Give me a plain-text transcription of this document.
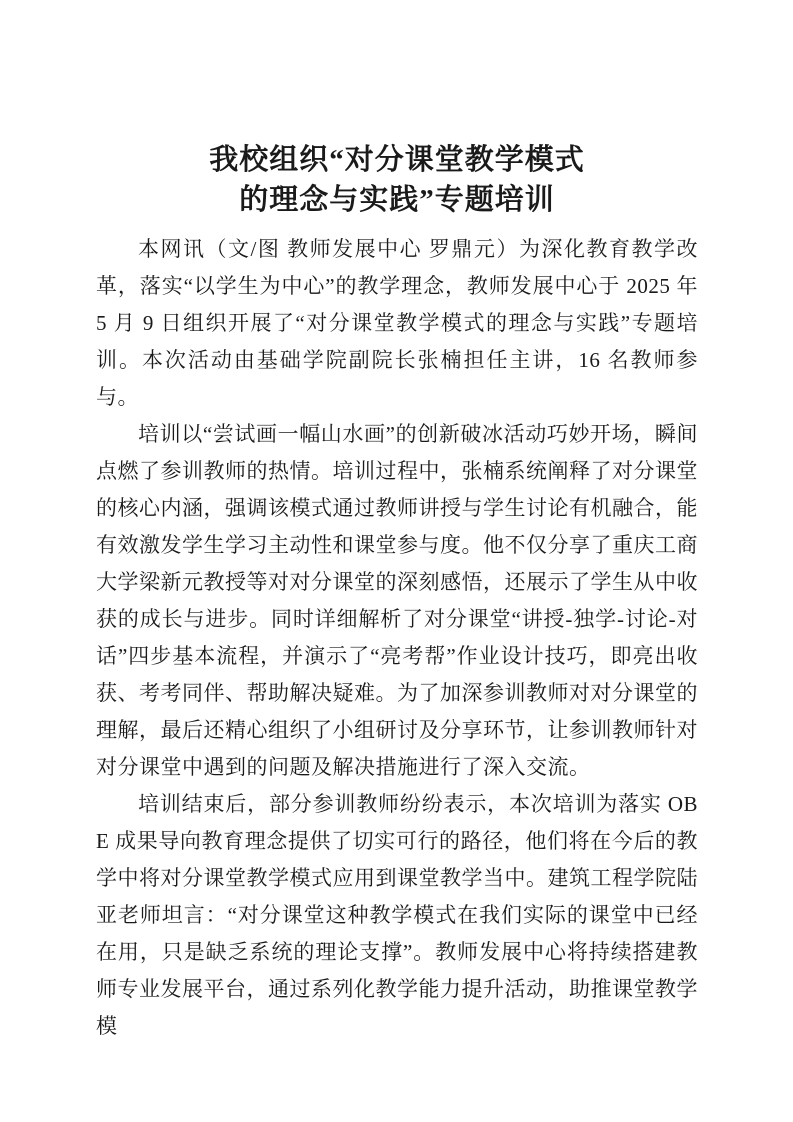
我校组织“对分课堂教学模式
的理念与实践”专题培训

本网讯（文/图 教师发展中心 罗鼎元）为深化教育教学改革，落实“以学生为中心”的教学理念，教师发展中心于 2025 年 5 月 9 日组织开展了“对分课堂教学模式的理念与实践”专题培训。本次活动由基础学院副院长张楠担任主讲，16 名教师参与。

培训以“尝试画一幅山水画”的创新破冰活动巧妙开场，瞬间点燃了参训教师的热情。培训过程中，张楠系统阐释了对分课堂的核心内涵，强调该模式通过教师讲授与学生讨论有机融合，能有效激发学生学习主动性和课堂参与度。他不仅分享了重庆工商大学梁新元教授等对对分课堂的深刻感悟，还展示了学生从中收获的成长与进步。同时详细解析了对分课堂“讲授-独学-讨论-对话”四步基本流程，并演示了“亮考帮”作业设计技巧，即亮出收获、考考同伴、帮助解决疑难。为了加深参训教师对对分课堂的理解，最后还精心组织了小组研讨及分享环节，让参训教师针对对分课堂中遇到的问题及解决措施进行了深入交流。

培训结束后，部分参训教师纷纷表示，本次培训为落实 OBE 成果导向教育理念提供了切实可行的路径，他们将在今后的教学中将对分课堂教学模式应用到课堂教学当中。建筑工程学院陆亚老师坦言：“对分课堂这种教学模式在我们实际的课堂中已经在用，只是缺乏系统的理论支撑”。教师发展中心将持续搭建教师专业发展平台，通过系列化教学能力提升活动，助推课堂教学模
